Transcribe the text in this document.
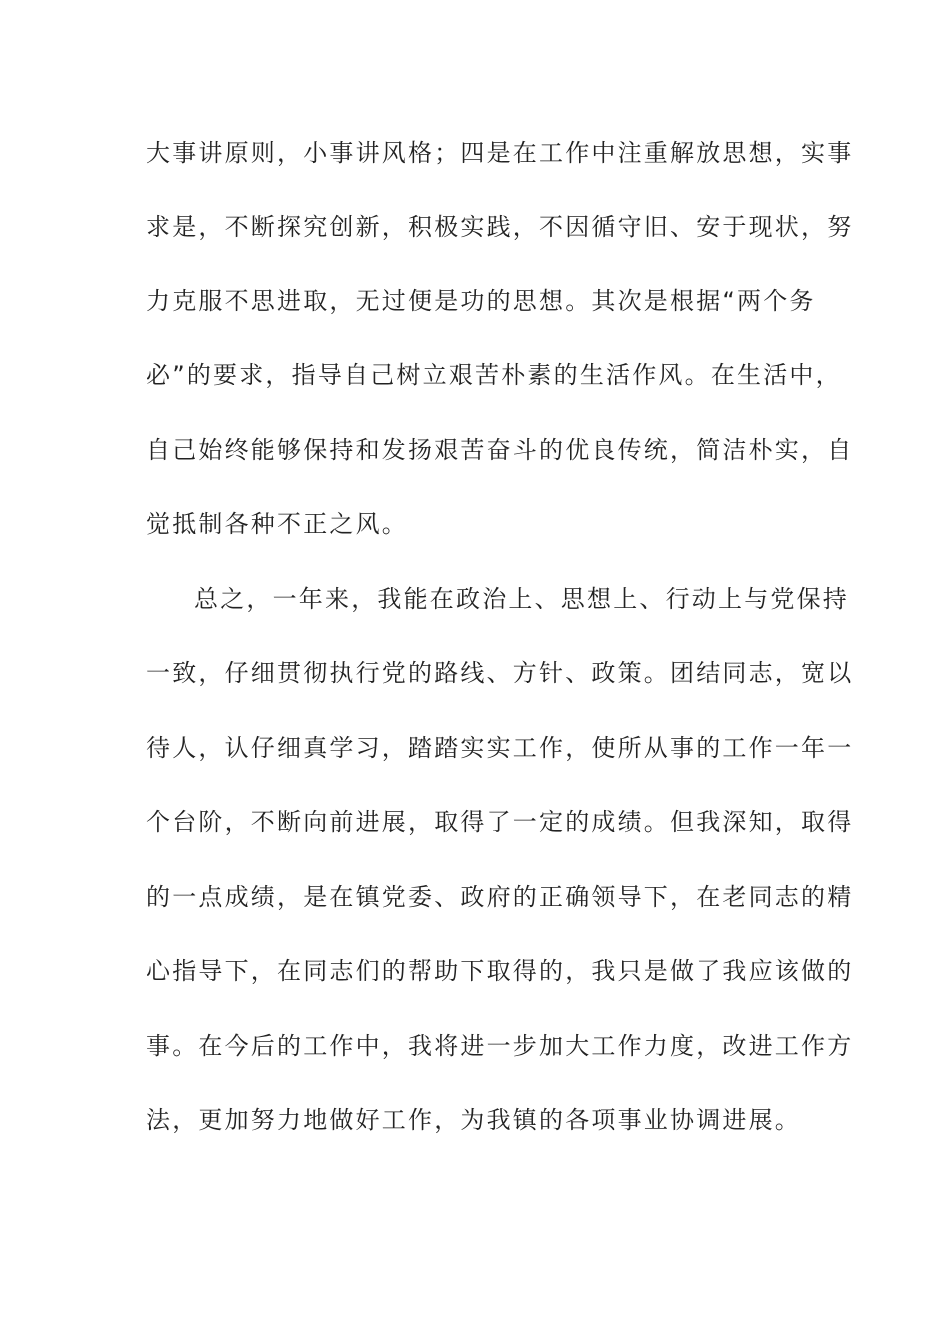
大事讲原则，小事讲风格；四是在工作中注重解放思想，实事
求是，不断探究创新，积极实践，不因循守旧、安于现状，努
力克服不思进取，无过便是功的思想。其次是根据“两个务
必”的要求，指导自己树立艰苦朴素的生活作风。在生活中，
自己始终能够保持和发扬艰苦奋斗的优良传统，简洁朴实，自
觉抵制各种不正之风。
总之，一年来，我能在政治上、思想上、行动上与党保持
一致，仔细贯彻执行党的路线、方针、政策。团结同志，宽以
待人，认仔细真学习，踏踏实实工作，使所从事的工作一年一
个台阶，不断向前进展，取得了一定的成绩。但我深知，取得
的一点成绩，是在镇党委、政府的正确领导下，在老同志的精
心指导下，在同志们的帮助下取得的，我只是做了我应该做的
事。在今后的工作中，我将进一步加大工作力度，改进工作方
法，更加努力地做好工作，为我镇的各项事业协调进展。
